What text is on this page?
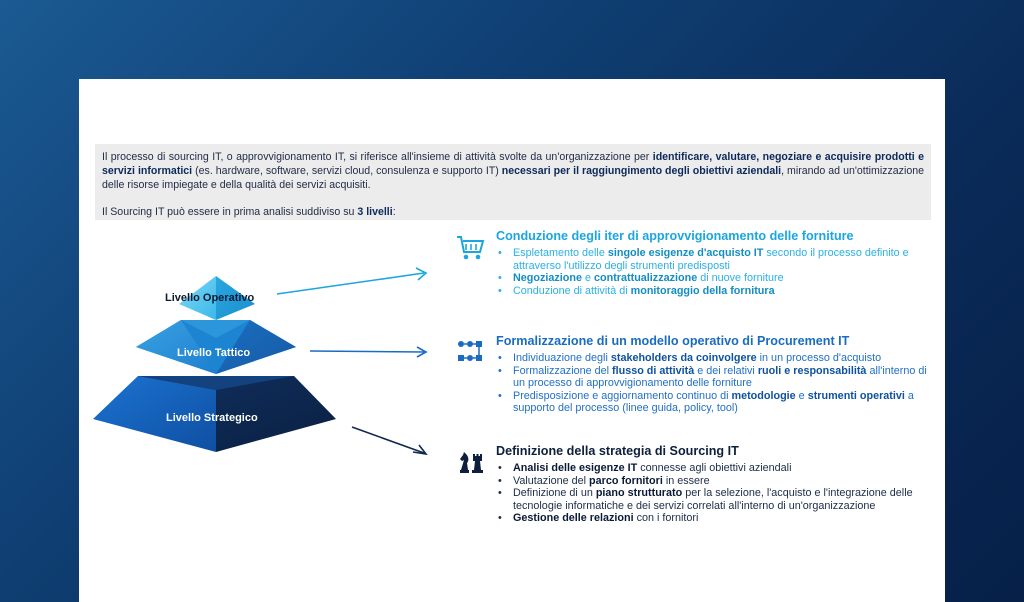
Il processo di sourcing IT, o approvvigionamento IT, si riferisce all'insieme di attività svolte da un'organizzazione per identificare, valutare, negoziare e acquisire prodotti e servizi informatici (es. hardware, software, servizi cloud, consulenza e supporto IT) necessari per il raggiungimento degli obiettivi aziendali, mirando ad un'ottimizzazione delle risorse impiegate e della qualità dei servizi acquisiti.
Il Sourcing IT può essere in prima analisi suddiviso su 3 livelli:
Livello Operativo
Livello Tattico
Livello Strategico
Conduzione degli iter di approvvigionamento delle forniture
• Espletamento delle singole esigenze d'acquisto IT secondo il processo definito e attraverso l'utilizzo degli strumenti predisposti
• Negoziazione e contrattualizzazione di nuove forniture
• Conduzione di attività di monitoraggio della fornitura
Formalizzazione di un modello operativo di Procurement IT
• Individuazione degli stakeholders da coinvolgere in un processo d'acquisto
• Formalizzazione del flusso di attività e dei relativi ruoli e responsabilità all'interno di un processo di approvvigionamento delle forniture
• Predisposizione e aggiornamento continuo di metodologie e strumenti operativi a supporto del processo (linee guida, policy, tool)
Definizione della strategia di Sourcing IT
• Analisi delle esigenze IT connesse agli obiettivi aziendali
• Valutazione del parco fornitori in essere
• Definizione di un piano strutturato per la selezione, l'acquisto e l'integrazione delle tecnologie informatiche e dei servizi correlati all'interno di un'organizzazione
• Gestione delle relazioni con i fornitori
